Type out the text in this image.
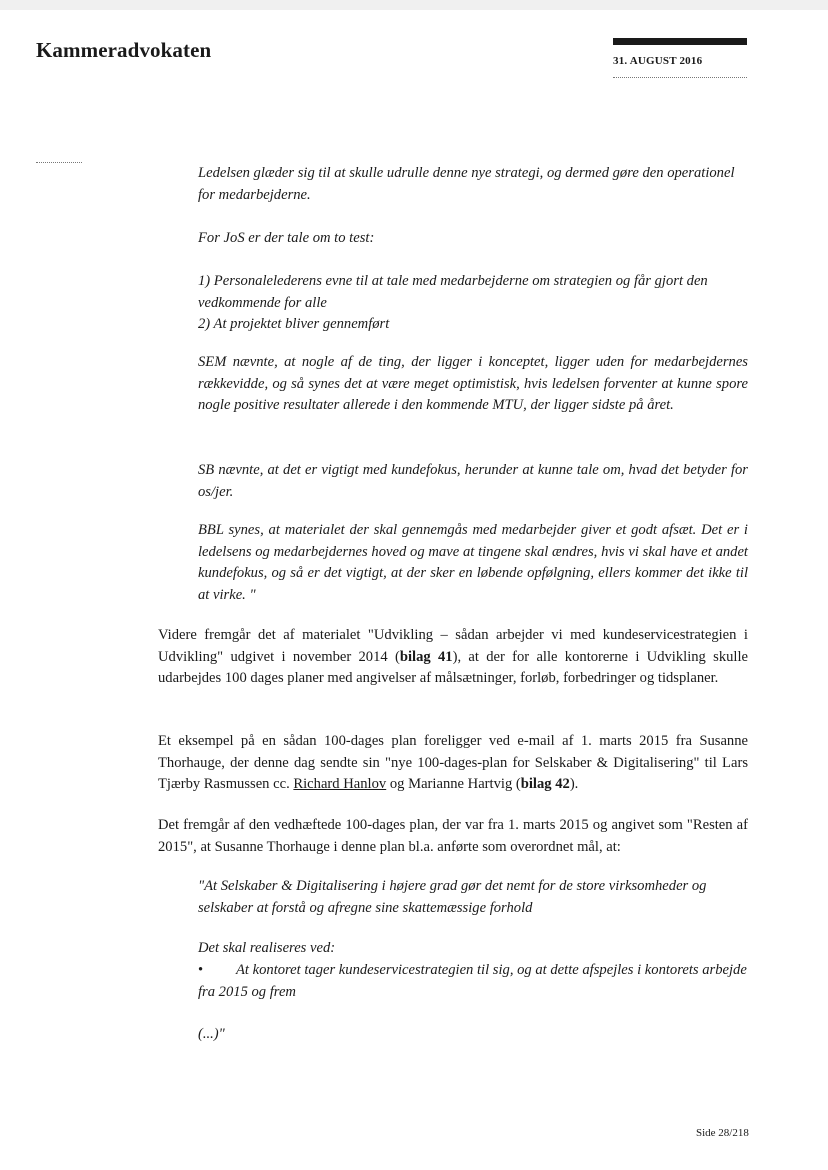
Kammeradvokaten	31. AUGUST 2016

Ledelsen glæder sig til at skulle udrulle denne nye strategi, og dermed gøre den operationel for medarbejderne.

For JoS er der tale om to test:

1) Personalelederens evne til at tale med medarbejderne om strategien og får gjort den vedkommende for alle

2) At projektet bliver gennemført

SEM nævnte, at nogle af de ting, der ligger i konceptet, ligger uden for medarbejdernes rækkevidde, og så synes det at være meget optimistisk, hvis ledelsen forventer at kunne spore nogle positive resultater allerede i den kommende MTU, der ligger sidste på året.

SB nævnte, at det er vigtigt med kundefokus, herunder at kunne tale om, hvad det betyder for os/jer.

BBL synes, at materialet der skal gennemgås med medarbejder giver et godt afsæt. Det er i ledelsens og medarbejdernes hoved og mave at tingene skal ændres, hvis vi skal have et andet kundefokus, og så er det vigtigt, at der sker en løbende opfølgning, ellers kommer det ikke til at virke. "

Videre fremgår det af materialet "Udvikling – sådan arbejder vi med kundeservicestrategien i Udvikling" udgivet i november 2014 (bilag 41), at der for alle kontorerne i Udvikling skulle udarbejdes 100 dages planer med angivelser af målsætninger, forløb, forbedringer og tidsplaner.

Et eksempel på en sådan 100-dages plan foreligger ved e-mail af 1. marts 2015 fra Susanne Thorhauge, der denne dag sendte sin "nye 100-dages-plan for Selskaber & Digitalisering" til Lars Tjærby Rasmussen cc. Richard Hanlov og Marianne Hartvig (bilag 42).

Det fremgår af den vedhæftede 100-dages plan, der var fra 1. marts 2015 og angivet som "Resten af 2015", at Susanne Thorhauge i denne plan bl.a. anførte som overordnet mål, at:

"At Selskaber & Digitalisering i højere grad gør det nemt for de store virksomheder og selskaber at forstå og afregne sine skattemæssige forhold

Det skal realiseres ved:

• At kontoret tager kundeservicestrategien til sig, og at dette afspejles i kontorets arbejde fra 2015 og frem

(...)"

Side 28/218
